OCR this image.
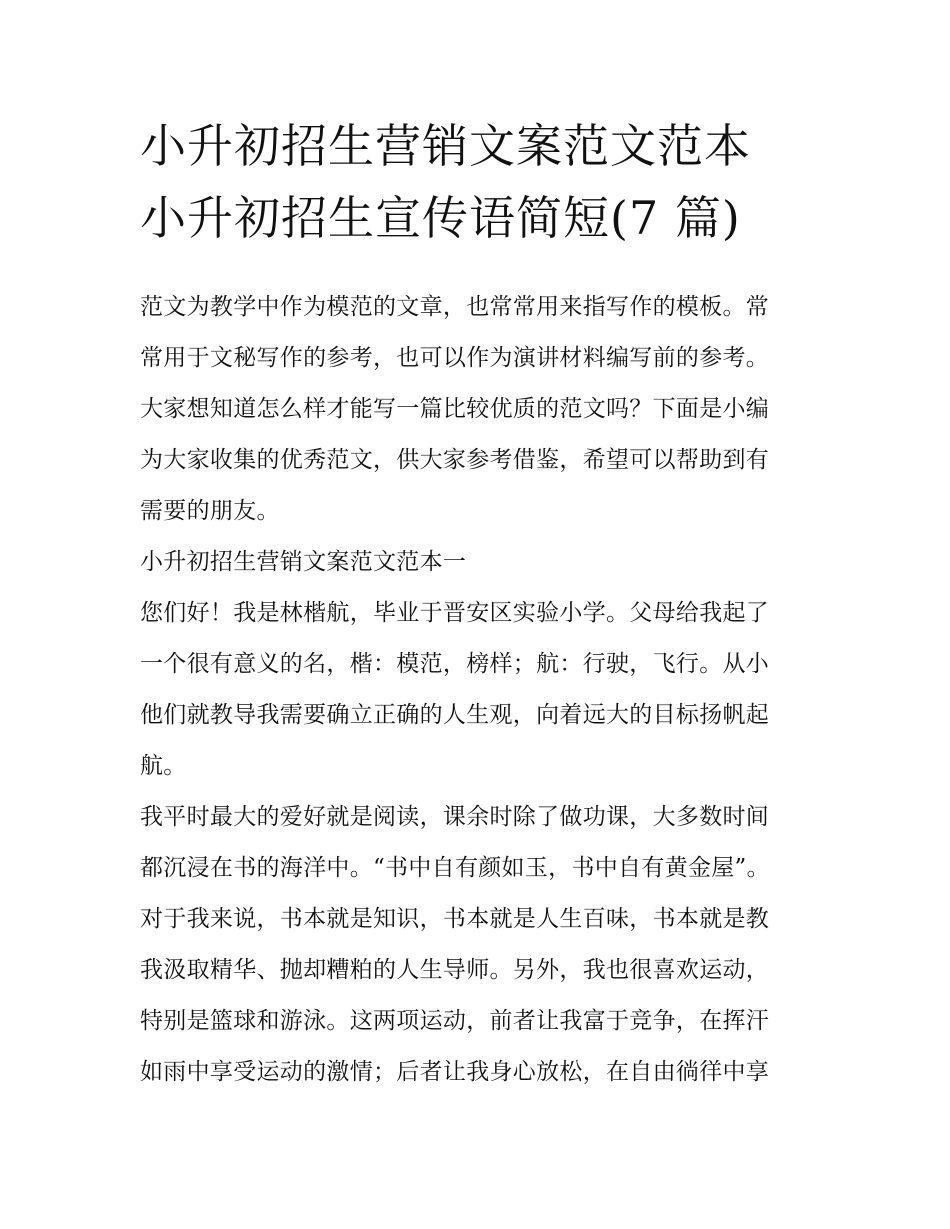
小升初招生营销文案范文范本
小升初招生宣传语简短(7 篇)
范文为教学中作为模范的文章，也常常用来指写作的模板。常
常用于文秘写作的参考，也可以作为演讲材料编写前的参考。
大家想知道怎么样才能写一篇比较优质的范文吗？下面是小编
为大家收集的优秀范文，供大家参考借鉴，希望可以帮助到有
需要的朋友。
小升初招生营销文案范文范本一
您们好！我是林楷航，毕业于晋安区实验小学。父母给我起了
一个很有意义的名，楷：模范，榜样；航：行驶，飞行。从小
他们就教导我需要确立正确的人生观，向着远大的目标扬帆起
航。
我平时最大的爱好就是阅读，课余时除了做功课，大多数时间
都沉浸在书的海洋中。“书中自有颜如玉，书中自有黄金屋”。
对于我来说，书本就是知识，书本就是人生百味，书本就是教
我汲取精华、抛却糟粕的人生导师。另外，我也很喜欢运动，
特别是篮球和游泳。这两项运动，前者让我富于竞争，在挥汗
如雨中享受运动的激情；后者让我身心放松，在自由徜徉中享
